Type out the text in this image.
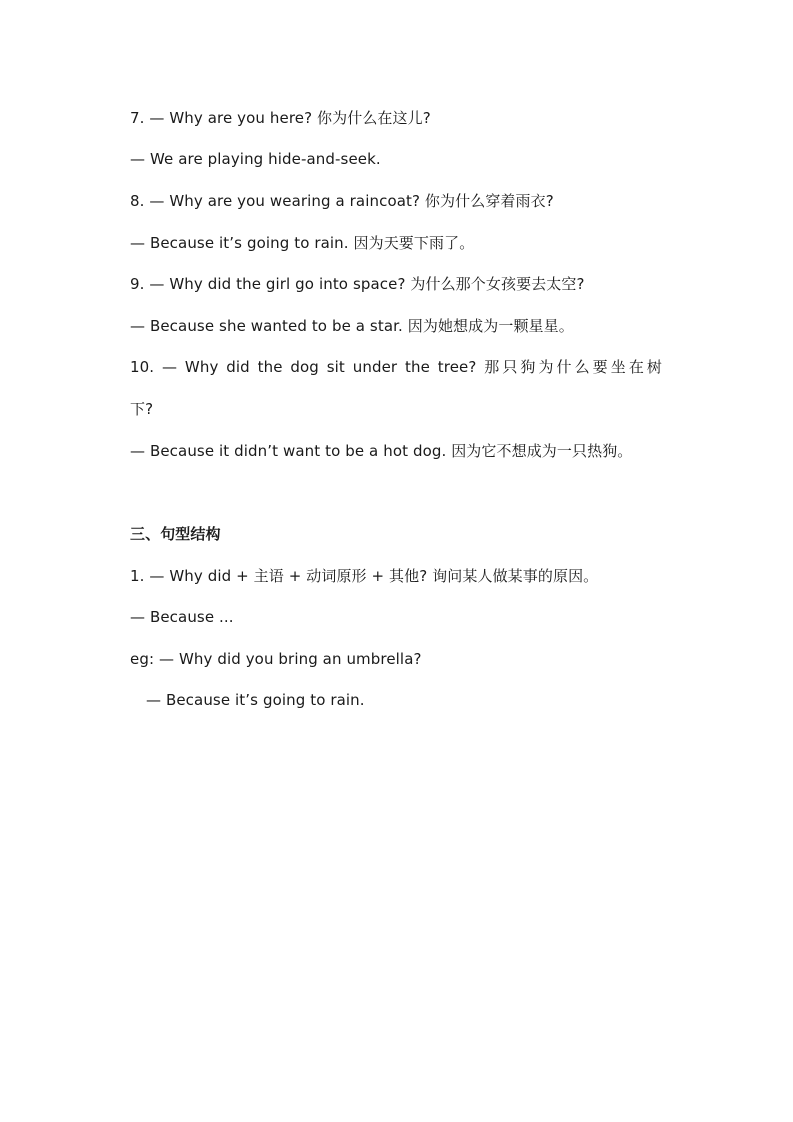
7. — Why are you here? 你为什么在这儿?
— We are playing hide-and-seek.
8. — Why are you wearing a raincoat? 你为什么穿着雨衣?
— Because it’s going to rain. 因为天要下雨了。
9. — Why did the girl go into space? 为什么那个女孩要去太空?
— Because she wanted to be a star. 因为她想成为一颗星星。
10. — Why did the dog sit under the tree? 那只狗为什么要坐在树
下?
— Because it didn’t want to be a hot dog. 因为它不想成为一只热狗。
三、句型结构
1. — Why did + 主语 + 动词原形 + 其他? 询问某人做某事的原因。
— Because ...
eg: — Why did you bring an umbrella?
— Because it’s going to rain.
